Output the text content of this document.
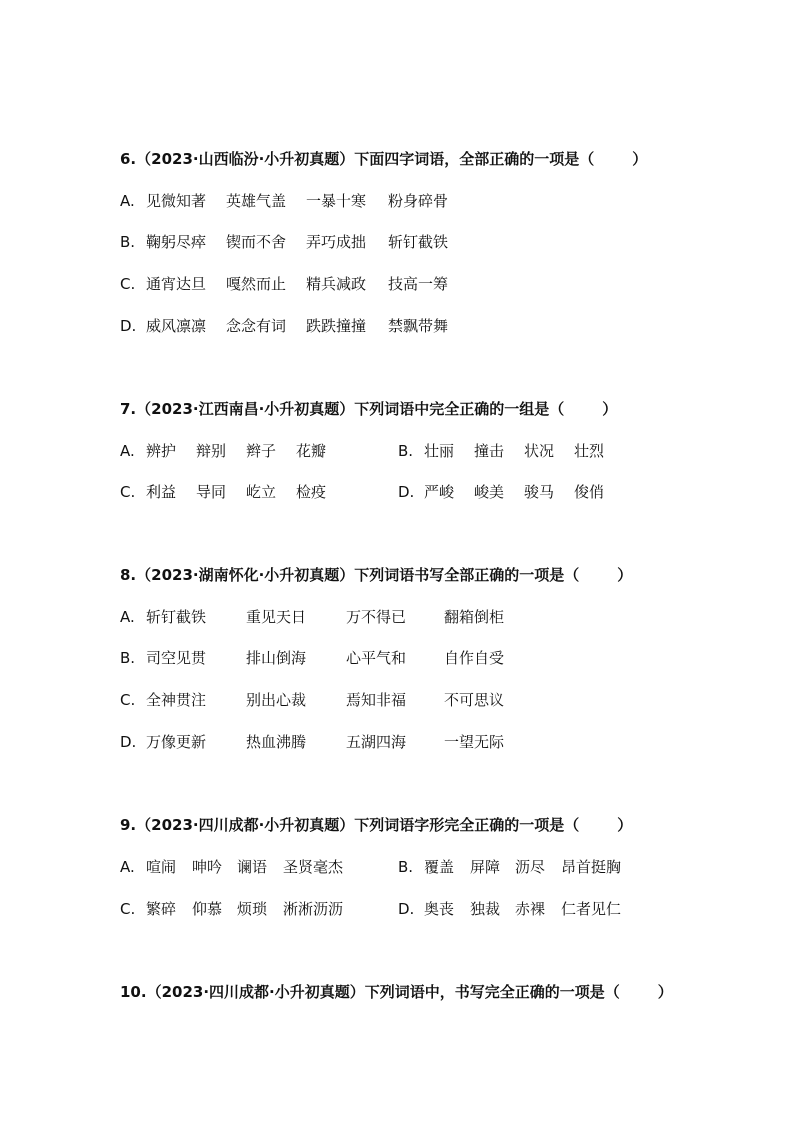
6.（2023·山西临汾·小升初真题）下面四字词语，全部正确的一项是（	）
A. 见微知著 英雄气盖 一暴十寒 粉身碎骨
B. 鞠躬尽瘁 锲而不舍 弄巧成拙 斩钉截铁
C. 通宵达旦 嘎然而止 精兵减政 技高一筹
D. 威风凛凛 念念有词 跌跌撞撞 禁飘带舞
7.（2023·江西南昌·小升初真题）下列词语中完全正确的一组是（	）
A. 辨护 辩别 辫子 花瓣	B. 壮丽 撞击 状况 壮烈
C. 利益 导同 屹立 检疫	D. 严峻 峻美 骏马 俊俏
8.（2023·湖南怀化·小升初真题）下列词语书写全部正确的一项是（	）
A. 斩钉截铁	重见天日	万不得已	翻箱倒柜
B. 司空见贯	排山倒海	心平气和	自作自受
C. 全神贯注	别出心裁	焉知非福	不可思议
D. 万像更新	热血沸腾	五湖四海	一望无际
9.（2023·四川成都·小升初真题）下列词语字形完全正确的一项是（	）
A. 喧闹 呻吟 谰语 圣贤毫杰	B. 覆盖 屏障 沥尽 昂首挺胸
C. 繁碎 仰慕 烦琐 淅淅沥沥	D. 奥丧 独裁 赤裸 仁者见仁
10.（2023·四川成都·小升初真题）下列词语中，书写完全正确的一项是（	）
